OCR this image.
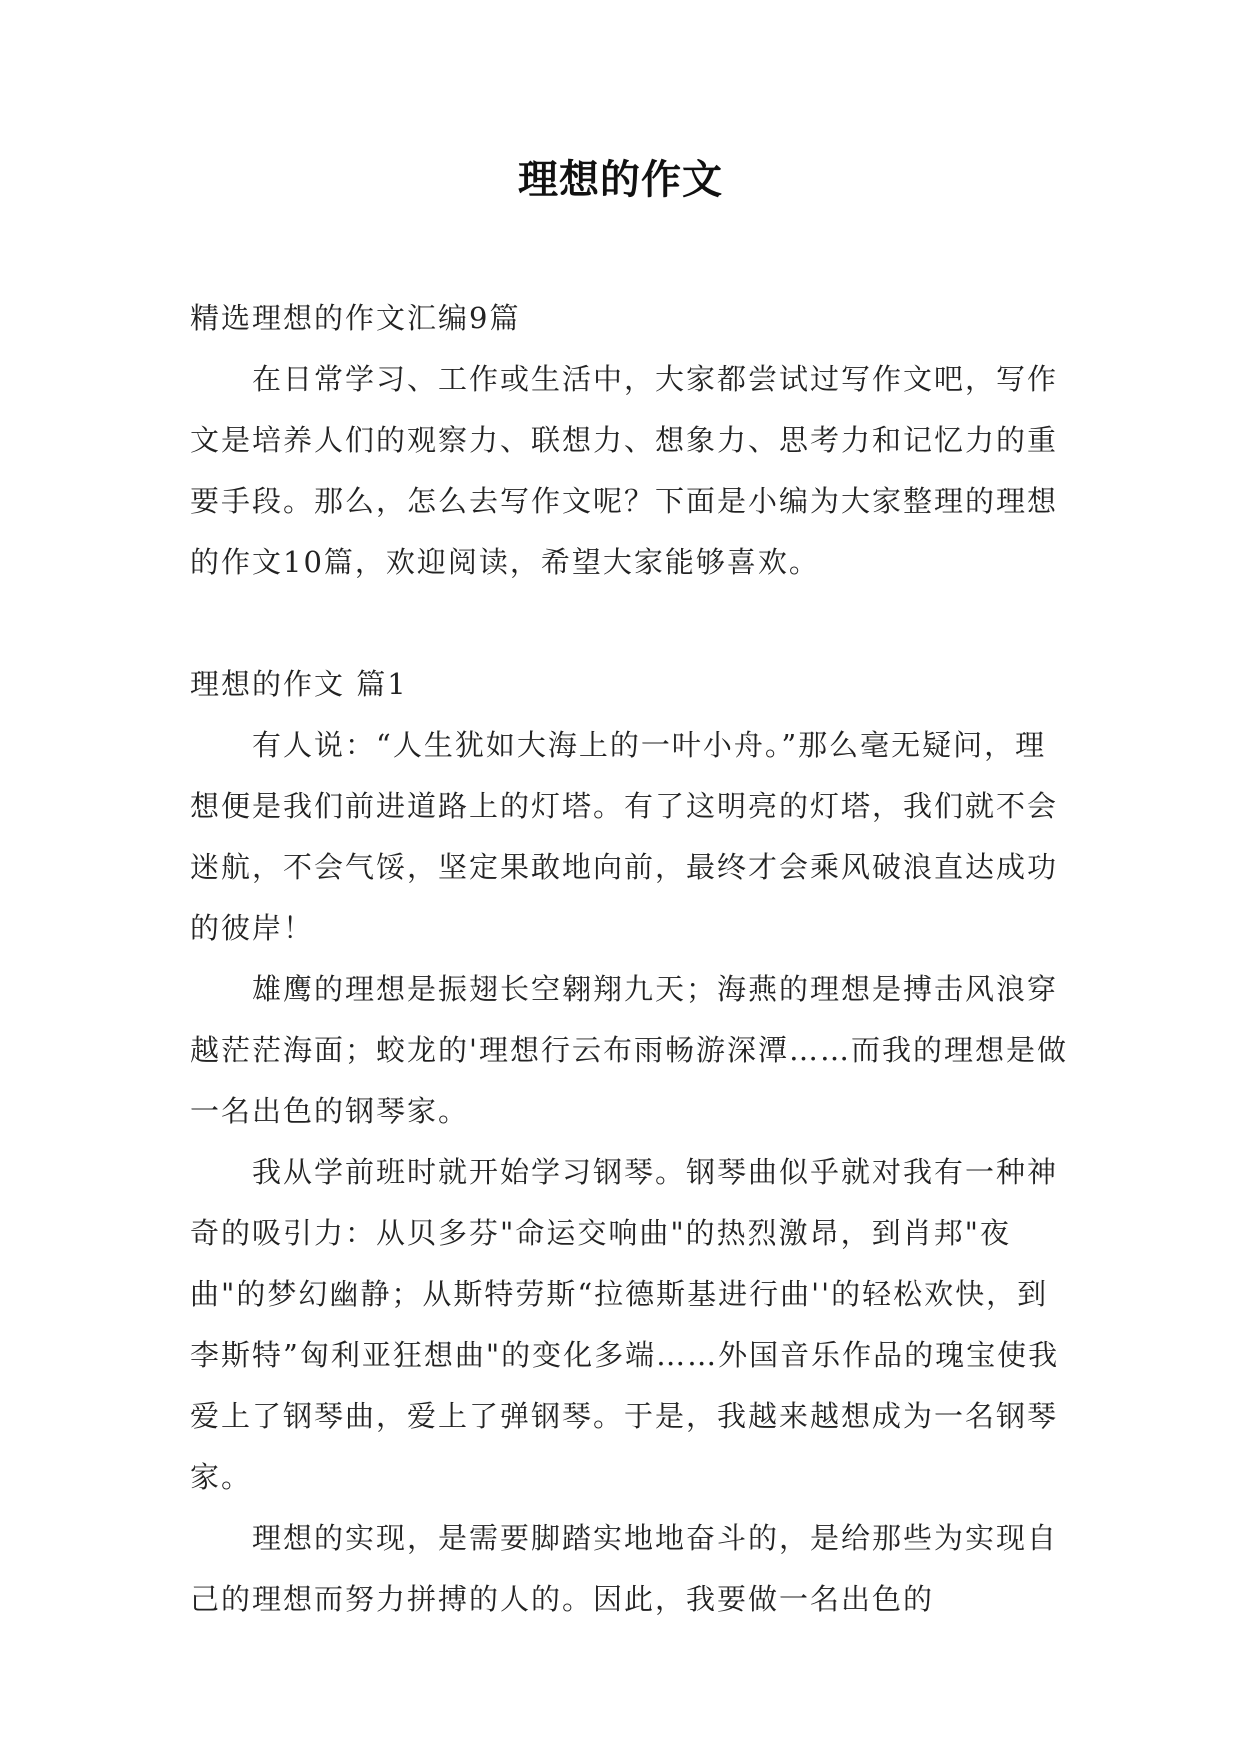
理想的作文

精选理想的作文汇编9篇

在日常学习、工作或生活中，大家都尝试过写作文吧，写作文是培养人们的观察力、联想力、想象力、思考力和记忆力的重要手段。那么，怎么去写作文呢？下面是小编为大家整理的理想的作文10篇，欢迎阅读，希望大家能够喜欢。

理想的作文 篇1

有人说：“人生犹如大海上的一叶小舟。”那么毫无疑问，理想便是我们前进道路上的灯塔。有了这明亮的灯塔，我们就不会迷航，不会气馁，坚定果敢地向前，最终才会乘风破浪直达成功的彼岸！

雄鹰的理想是振翅长空翱翔九天；海燕的理想是搏击风浪穿越茫茫海面；蛟龙的'理想行云布雨畅游深潭……而我的理想是做一名出色的钢琴家。

我从学前班时就开始学习钢琴。钢琴曲似乎就对我有一种神奇的吸引力：从贝多芬"命运交响曲"的热烈激昂，到肖邦"夜曲"的梦幻幽静；从斯特劳斯“拉德斯基进行曲''的轻松欢快，到李斯特”匈利亚狂想曲"的变化多端……外国音乐作品的瑰宝使我爱上了钢琴曲，爱上了弹钢琴。于是，我越来越想成为一名钢琴家。

理想的实现，是需要脚踏实地地奋斗的，是给那些为实现自己的理想而努力拼搏的人的。因此，我要做一名出色的
